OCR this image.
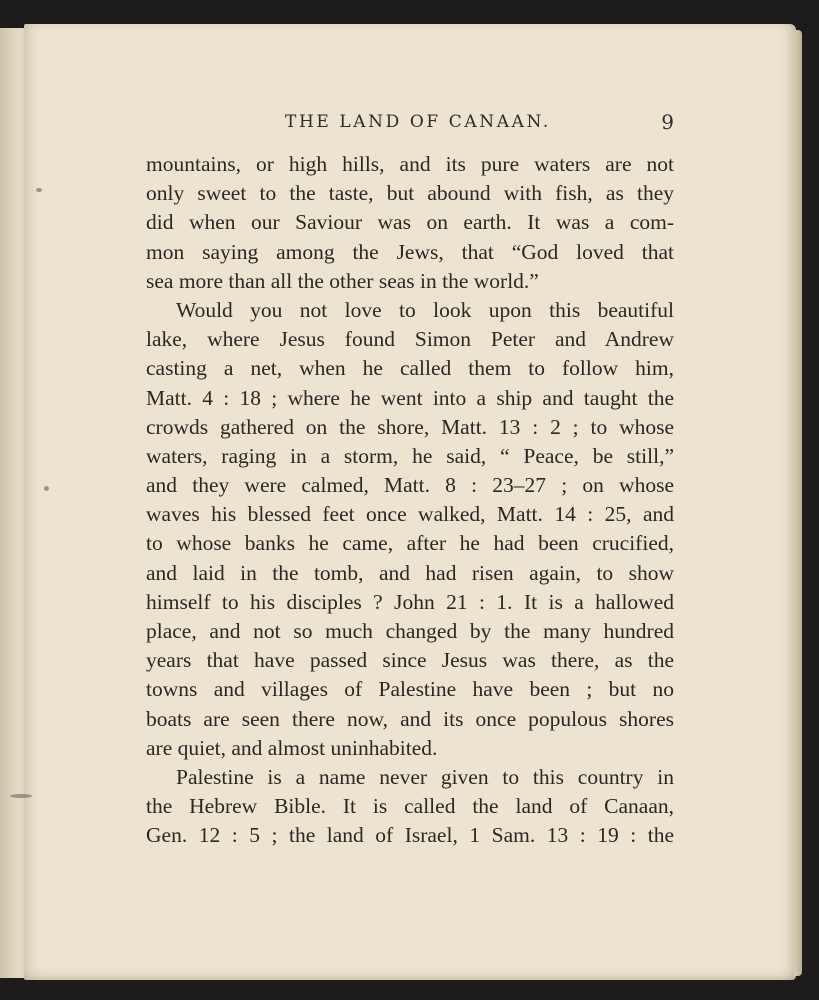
THE LAND OF CANAAN.	9
mountains, or high hills, and its pure waters are not
only sweet to the taste, but abound with fish, as they
did when our Saviour was on earth. It was a com-
mon saying among the Jews, that “God loved that
sea more than all the other seas in the world.”
Would you not love to look upon this beautiful
lake, where Jesus found Simon Peter and Andrew
casting a net, when he called them to follow him,
Matt. 4 : 18 ; where he went into a ship and taught the
crowds gathered on the shore, Matt. 13 : 2 ; to whose
waters, raging in a storm, he said, “ Peace, be still,”
and they were calmed, Matt. 8 : 23–27 ; on whose
waves his blessed feet once walked, Matt. 14 : 25, and
to whose banks he came, after he had been crucified,
and laid in the tomb, and had risen again, to show
himself to his disciples ? John 21 : 1. It is a hallowed
place, and not so much changed by the many hundred
years that have passed since Jesus was there, as the
towns and villages of Palestine have been ; but no
boats are seen there now, and its once populous shores
are quiet, and almost uninhabited.
Palestine is a name never given to this country in
the Hebrew Bible. It is called the land of Canaan,
Gen. 12 : 5 ; the land of Israel, 1 Sam. 13 : 19 : the
